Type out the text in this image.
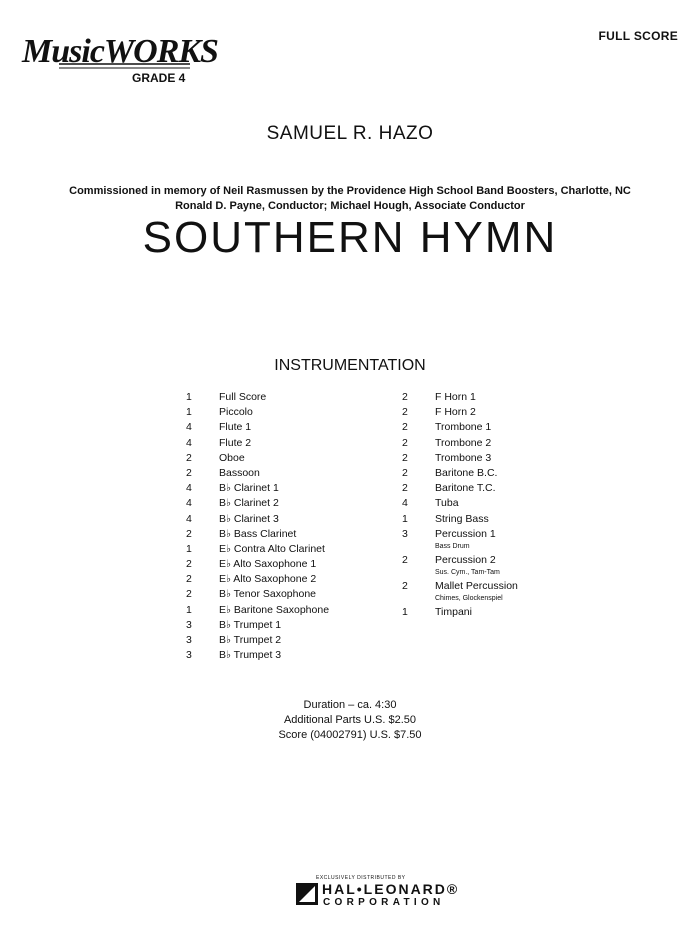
MusicWORKS
GRADE 4
FULL SCORE
SAMUEL R. HAZO
Commissioned in memory of Neil Rasmussen by the Providence High School Band Boosters, Charlotte, NC
Ronald D. Payne, Conductor; Michael Hough, Associate Conductor
SOUTHERN HYMN
INSTRUMENTATION
1	Full Score
1	Piccolo
4	Flute 1
4	Flute 2
2	Oboe
2	Bassoon
4	B♭ Clarinet 1
4	B♭ Clarinet 2
4	B♭ Clarinet 3
2	B♭ Bass Clarinet
1	E♭ Contra Alto Clarinet
2	E♭ Alto Saxophone 1
2	E♭ Alto Saxophone 2
2	B♭ Tenor Saxophone
1	E♭ Baritone Saxophone
3	B♭ Trumpet 1
3	B♭ Trumpet 2
3	B♭ Trumpet 3
2	F Horn 1
2	F Horn 2
2	Trombone 1
2	Trombone 2
2	Trombone 3
2	Baritone B.C.
2	Baritone T.C.
4	Tuba
1	String Bass
3	Percussion 1
Bass Drum
2	Percussion 2
Sus. Cym., Tam-Tam
2	Mallet Percussion
Chimes, Glockenspiel
1	Timpani
Duration – ca. 4:30
Additional Parts U.S. $2.50
Score (04002791) U.S. $7.50
EXCLUSIVELY DISTRIBUTED BY
HAL•LEONARD®
CORPORATION
